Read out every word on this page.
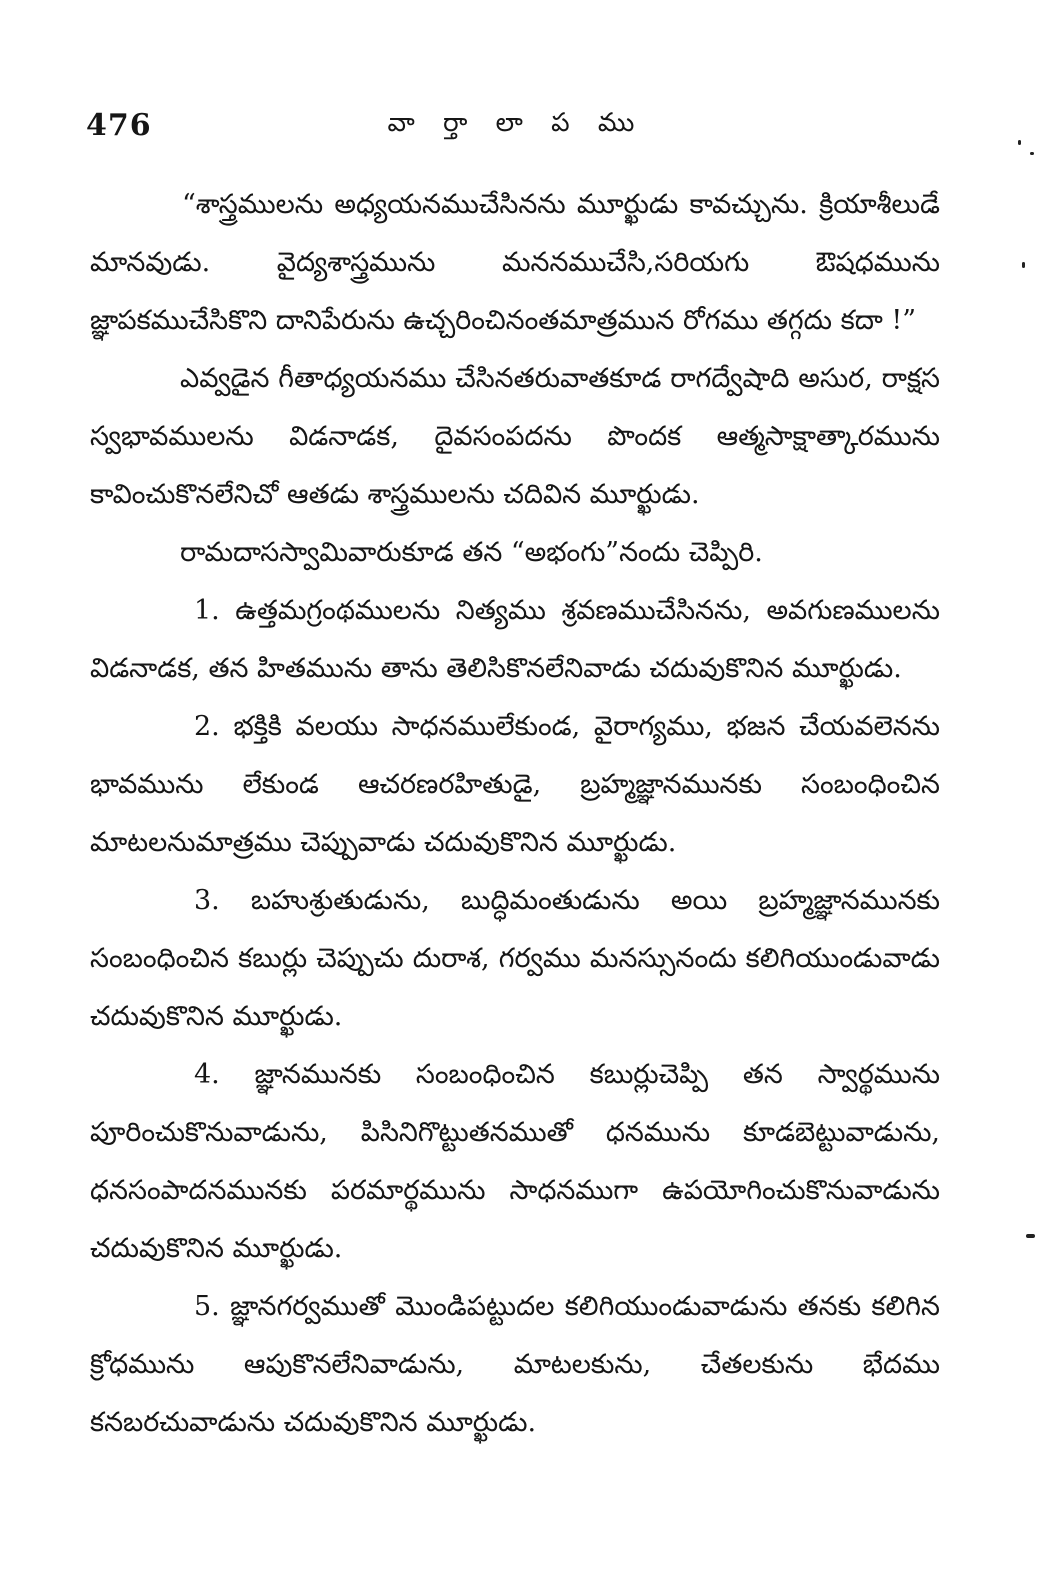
476	వా ర్తా లా ప ము

“శాస్త్రములను అధ్యయనముచేసినను మూర్ఖుడు కావచ్చును. క్రియాశీలుడే మానవుడు. వైద్యశాస్త్రమును మననముచేసి,సరియగు ఔషధమును జ్ఞాపకముచేసికొని దానిపేరును ఉచ్చరించినంతమాత్రమున రోగము తగ్గదు కదా !”

ఎవ్వడైన గీతాధ్యయనము చేసినతరువాతకూడ రాగద్వేషాది అసుర, రాక్షస స్వభావములను విడనాడక, దైవసంపదను పొందక ఆత్మసాక్షాత్కారమును కావించుకొనలేనిచో ఆతడు శాస్త్రములను చదివిన మూర్ఖుడు.

రామదాసస్వామివారుకూడ తన “అభంగు”నందు చెప్పిరి.

1. ఉత్తమగ్రంథములను నిత్యము శ్రవణముచేసినను, అవగుణములను విడనాడక, తన హితమును తాను తెలిసికొనలేనివాడు చదువుకొనిన మూర్ఖుడు.

2. భక్తికి వలయు సాధనములేకుండ, వైరాగ్యము, భజన చేయవలెనను భావమును లేకుండ ఆచరణరహితుడై, బ్రహ్మజ్ఞానమునకు సంబంధించిన మాటలనుమాత్రము చెప్పువాడు చదువుకొనిన మూర్ఖుడు.

3. బహుశ్రుతుడును, బుద్ధిమంతుడును అయి బ్రహ్మజ్ఞానమునకు సంబంధించిన కబుర్లు చెప్పుచు దురాశ, గర్వము మనస్సునందు కలిగియుండువాడు చదువుకొనిన మూర్ఖుడు.

4. జ్ఞానమునకు సంబంధించిన కబుర్లుచెప్పి తన స్వార్థమును పూరించుకొనువాడును, పిసినిగొట్టుతనముతో ధనమును కూడబెట్టువాడును, ధనసంపాదనమునకు పరమార్థమును సాధనముగా ఉపయోగించుకొనువాడును చదువుకొనిన మూర్ఖుడు.

5. జ్ఞానగర్వముతో మొండిపట్టుదల కలిగియుండువాడును తనకు కలిగిన క్రోధమును ఆపుకొనలేనివాడును, మాటలకును, చేతలకును భేదము కనబరచువాడును చదువుకొనిన మూర్ఖుడు.
